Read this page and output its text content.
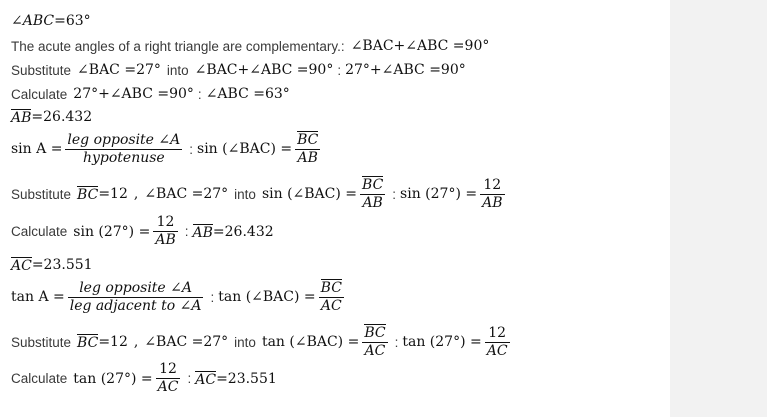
∠ABC =63°
The acute angles of a right triangle are complementary.: ∠BAC+∠ABC =90°
Substitute ∠BAC =27° into ∠BAC+∠ABC =90° : 27°+∠ABC =90°
Calculate 27°+∠ABC =90° : ∠ABC =63°
AB =26.432
$\sin A = \frac{\text{leg opposite ∠A}}{\text{hypotenuse}}$ : sin (∠BAC) = $\frac{BC}{AB}$
Substitute BC =12 , ∠BAC =27° into sin (∠BAC) = $\frac{BC}{AB}$ : $\sin (27^\circ) = \frac{12}{AB}$
Calculate $\sin (27^\circ) = \frac{12}{AB}$ : AB =26.432
AC =23.551
$\tan A = \frac{\text{leg opposite ∠A}}{\text{leg adjacent to ∠A}}$ : tan (∠BAC) = $\frac{BC}{AC}$
Substitute BC =12 , ∠BAC =27° into tan (∠BAC) = $\frac{BC}{AC}$ : $\tan (27^\circ) = \frac{12}{AC}$
Calculate $\tan (27^\circ) = \frac{12}{AC}$ : AC =23.551
